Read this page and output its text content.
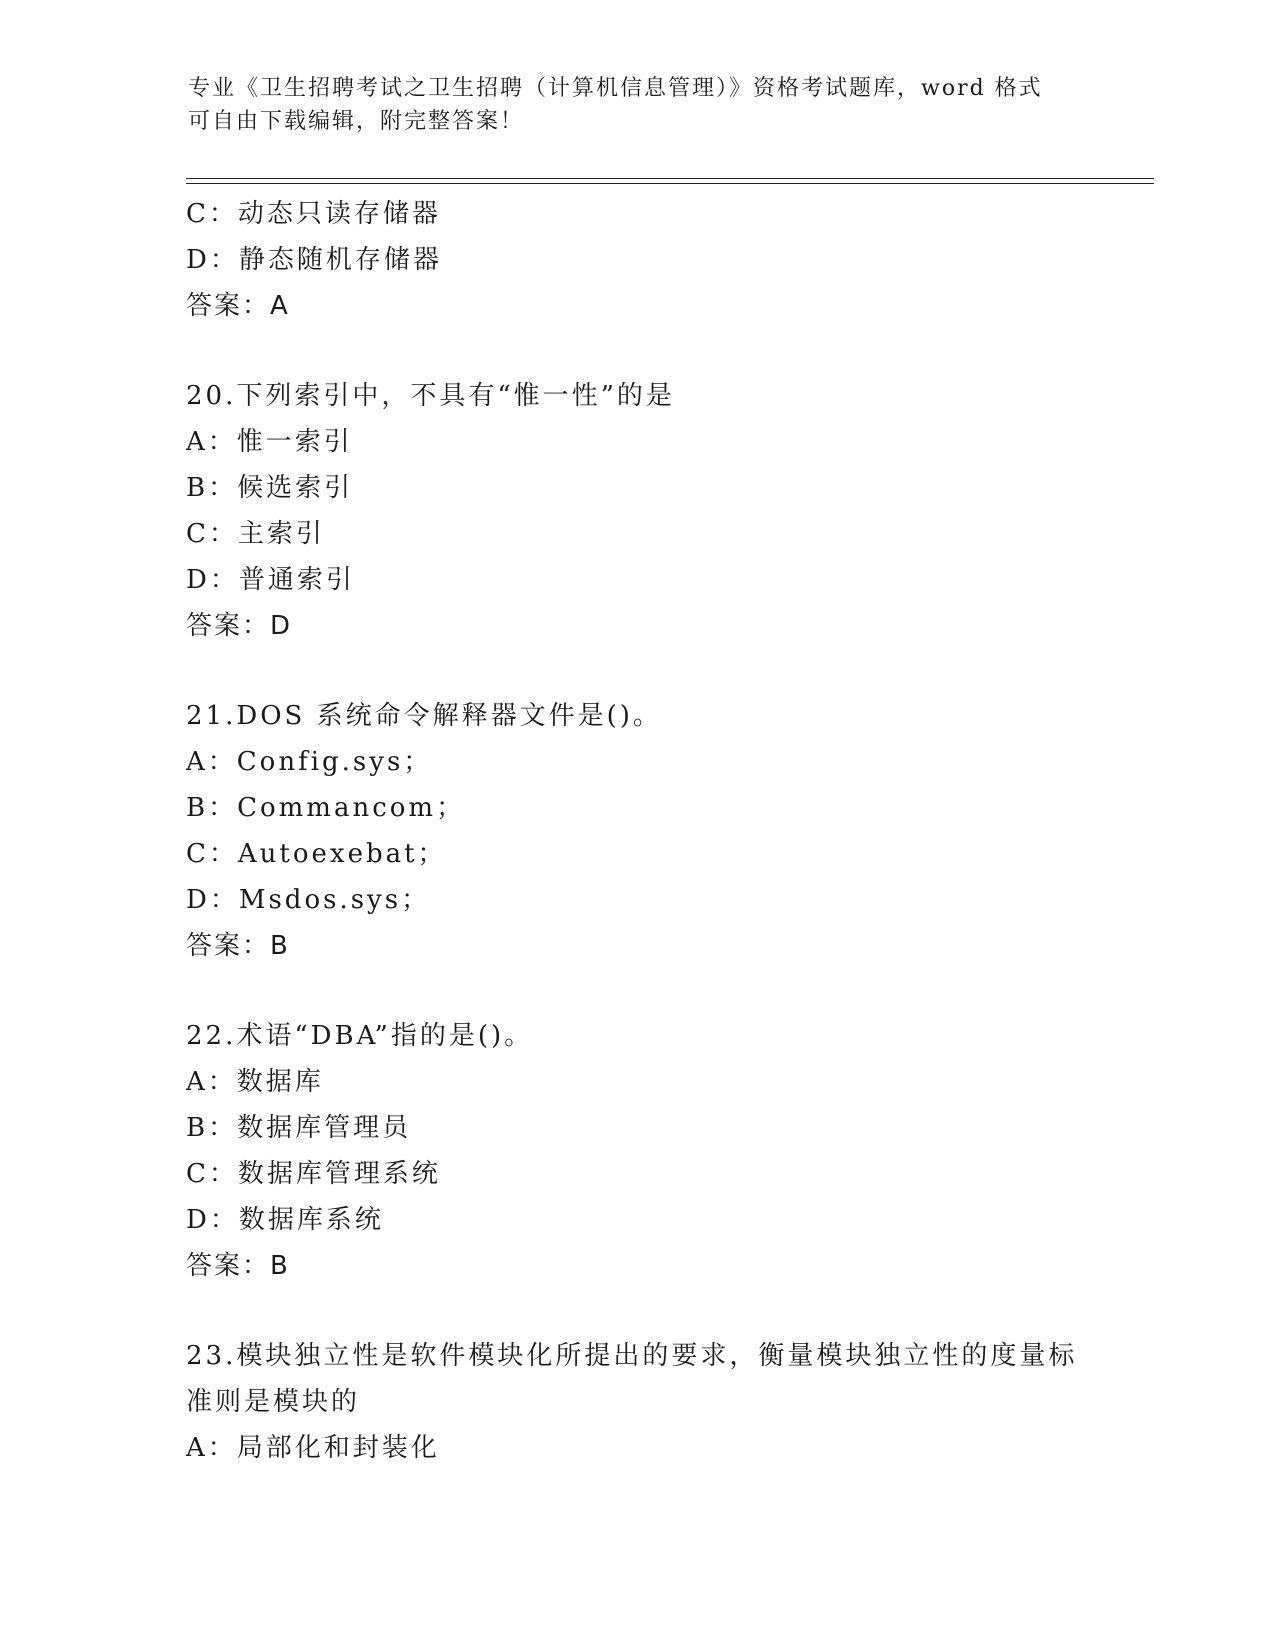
专业《卫生招聘考试之卫生招聘（计算机信息管理）》资格考试题库，word 格式
可自由下载编辑，附完整答案！
C：动态只读存储器
D：静态随机存储器
答案：A
20.下列索引中，不具有“惟一性”的是
A：惟一索引
B：候选索引
C：主索引
D：普通索引
答案：D
21.DOS 系统命令解释器文件是()。
A：Config.sys；
B：Commancom；
C：Autoexebat；
D：Msdos.sys；
答案：B
22.术语“DBA”指的是()。
A：数据库
B：数据库管理员
C：数据库管理系统
D：数据库系统
答案：B
23.模块独立性是软件模块化所提出的要求，衡量模块独立性的度量标
准则是模块的
A：局部化和封装化
